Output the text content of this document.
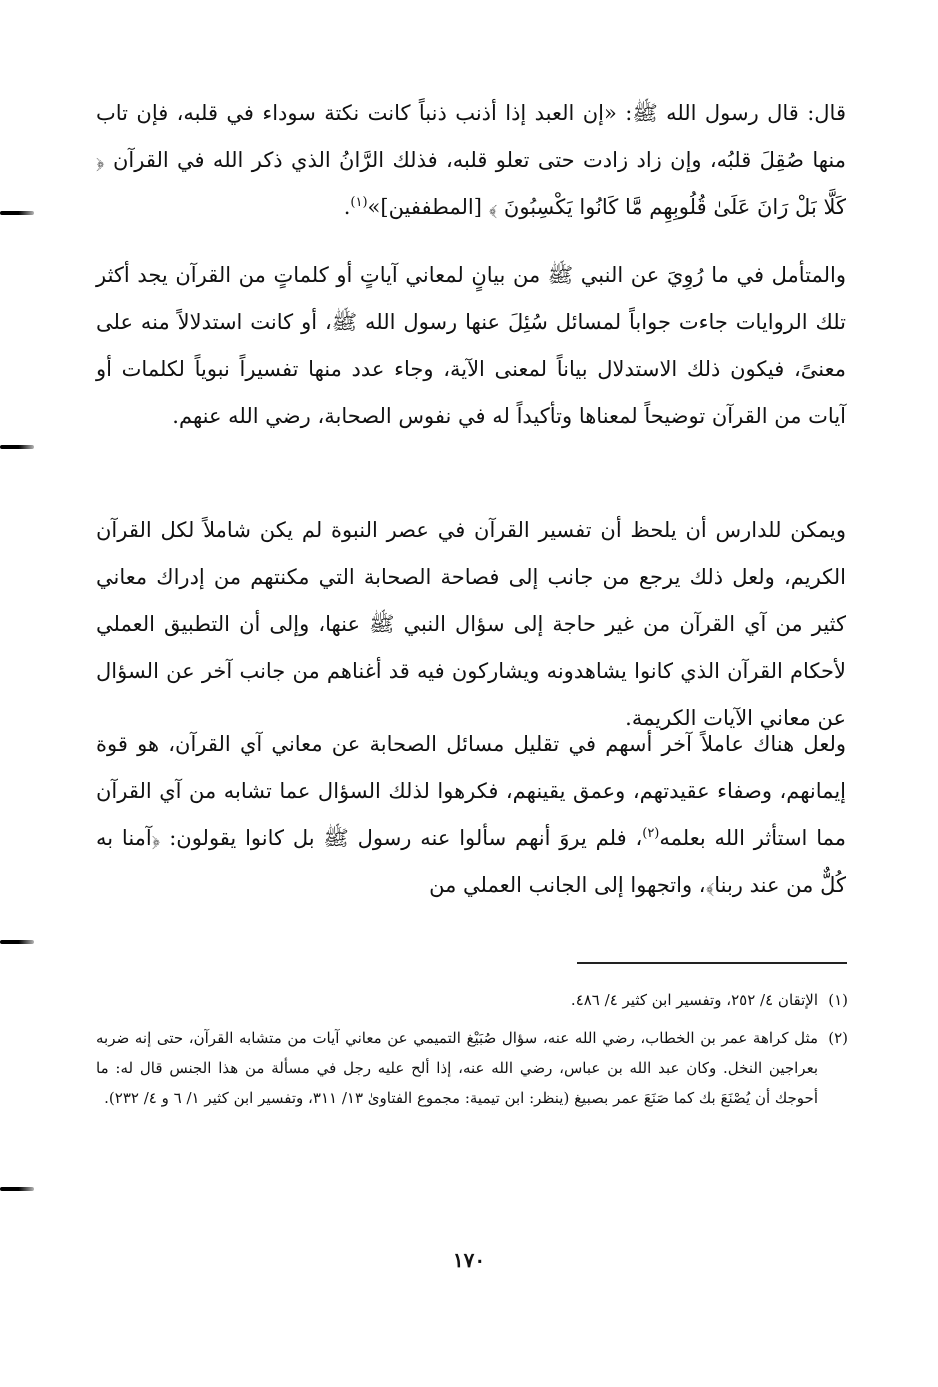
قال: قال رسول الله ﷺ: «إن العبد إذا أذنب ذنباً كانت نكتة سوداء في قلبه، فإن تاب منها صُقِلَ قلبُه، وإن زاد زادت حتى تعلو قلبه، فذلك الرَّانُ الذي ذكر الله في القرآن ﴿ كَلَّا بَلْ رَانَ عَلَىٰ قُلُوبِهِم مَّا كَانُوا يَكْسِبُونَ ﴾ [المطففين]»$^{(١)}$.

والمتأمل في ما رُوِيَ عن النبي ﷺ من بيانٍ لمعاني آياتٍ أو كلماتٍ من القرآن يجد أكثر تلك الروايات جاءت جواباً لمسائل سُئِلَ عنها رسول الله ﷺ، أو كانت استدلالاً منه على معنىً، فيكون ذلك الاستدلال بياناً لمعنى الآية، وجاء عدد منها تفسيراً نبوياً لكلمات أو آيات من القرآن توضيحاً لمعناها وتأكيداً له في نفوس الصحابة، رضي الله عنهم.

ويمكن للدارس أن يلحظ أن تفسير القرآن في عصر النبوة لم يكن شاملاً لكل القرآن الكريم، ولعل ذلك يرجع من جانب إلى فصاحة الصحابة التي مكنتهم من إدراك معاني كثير من آي القرآن من غير حاجة إلى سؤال النبي ﷺ عنها، وإلى أن التطبيق العملي لأحكام القرآن الذي كانوا يشاهدونه ويشاركون فيه قد أغناهم من جانب آخر عن السؤال عن معاني الآيات الكريمة.

ولعل هناك عاملاً آخر أسهم في تقليل مسائل الصحابة عن معاني آي القرآن، هو قوة إيمانهم، وصفاء عقيدتهم، وعمق يقينهم، فكرهوا لذلك السؤال عما تشابه من آي القرآن مما استأثر الله بعلمه$^{(٢)}$، فلم يروَ أنهم سألوا عنه رسول ﷺ بل كانوا يقولون: ﴿آمنا به كُلٌّ من عند ربنا﴾، واتجهوا إلى الجانب العملي من

(١)
الإتقان ٤/ ٢٥٢، وتفسير ابن كثير ٤/ ٤٨٦.

(٢)
مثل كراهة عمر بن الخطاب، رضي الله عنه، سؤال صُبَيْغ التميمي عن معاني آيات من متشابه القرآن، حتى إنه ضربه بعراجين النخل. وكان عبد الله بن عباس، رضي الله عنه، إذا ألح عليه رجل في مسألة من هذا الجنس قال له: ما أحوجك أن يُصْنَعَ بك كما صَنَعَ عمر بصبيغ (ينظر: ابن تيمية: مجموع الفتاوىٰ ١٣/ ٣١١، وتفسير ابن كثير ١/ ٦ و ٤/ ٢٣٢).

١٧٠
